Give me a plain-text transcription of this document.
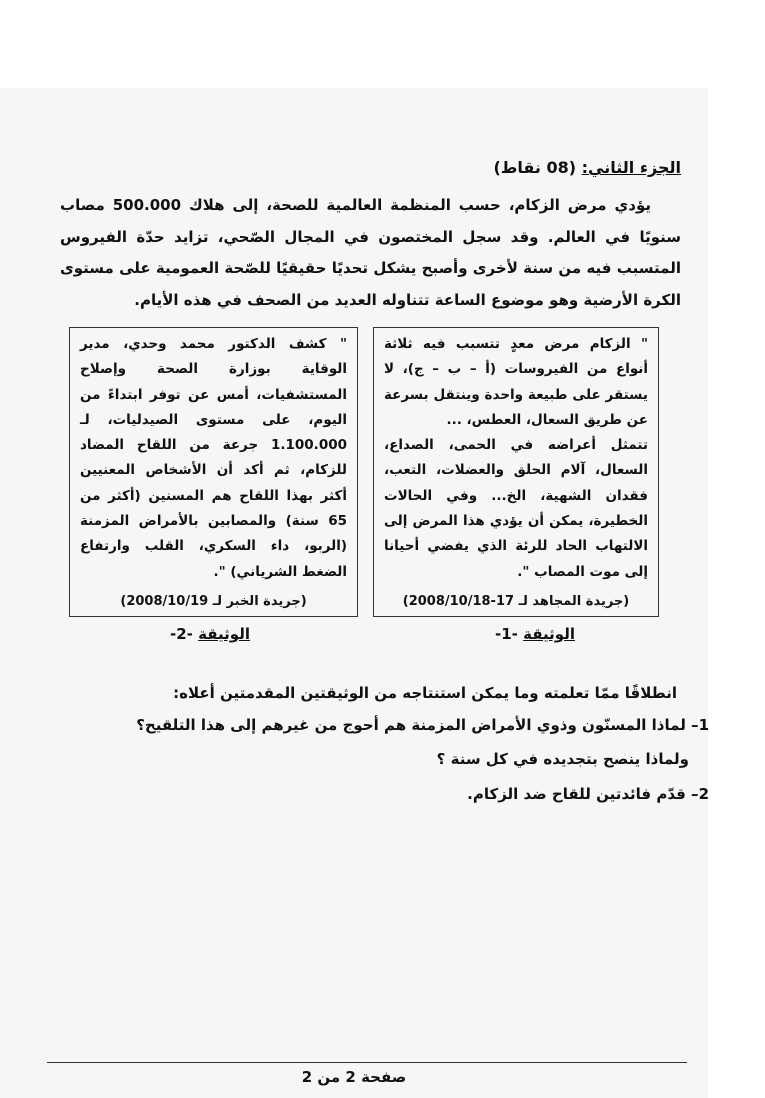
الجزء الثاني: (08 نقاط)

يؤدي مرض الزكام، حسب المنظمة العالمية للصحة، إلى هلاك 500.000 مصاب سنويًا في العالم. وقد سجل المختصون في المجال الصّحي، تزايد حدّة الفيروس المتسبب فيه من سنة لأخرى وأصبح يشكل تحديًا حقيقيًا للصّحة العمومية على مستوى الكرة الأرضية وهو موضوع الساعة تتناوله العديد من الصحف في هذه الأيام.

" الزكام مرض معدٍ تتسبب فيه ثلاثة أنواع من الفيروسات (أ – ب – ج)، لا يستقر على طبيعة واحدة وينتقل بسرعة عن طريق السعال، العطس، ...

تتمثل أعراضه في الحمى، الصداع، السعال، آلام الحلق والعضلات، التعب، فقدان الشهية، الخ... وفي الحالات الخطيرة، يمكن أن يؤدي هذا المرض إلى الالتهاب الحاد للرئة الذي يفضي أحيانا إلى موت المصاب ".

(جريدة المجاهد لـ 17-2008/10/18)

" كشف الدكتور محمد وحدي، مدير الوقاية بوزارة الصحة وإصلاح المستشفيات، أمس عن توفر ابتداءً من اليوم، على مستوى الصيدليات، لـ 1.100.000 جرعة من اللقاح المضاد للزكام، ثم أكد أن الأشخاص المعنيين أكثر بهذا اللقاح هم المسنين (أكثر من 65 سنة) والمصابين بالأمراض المزمنة (الربو، داء السكري، القلب وارتفاع الضغط الشرياني) ".

(جريدة الخبر لـ 2008/10/19)
الوثيقة -1-
الوثيقة -2-
انطلاقًا ممّا تعلمته وما يمكن استنتاجه من الوثيقتين المقدمتين أعلاه:
1– لماذا المسنّون وذوي الأمراض المزمنة هم أحوج من غيرهم إلى هذا التلقيح؟
ولماذا ينصح بتجديده في كل سنة ؟
2– قدّم فائدتين للقاح ضد الزكام.
صفحة 2 من 2
